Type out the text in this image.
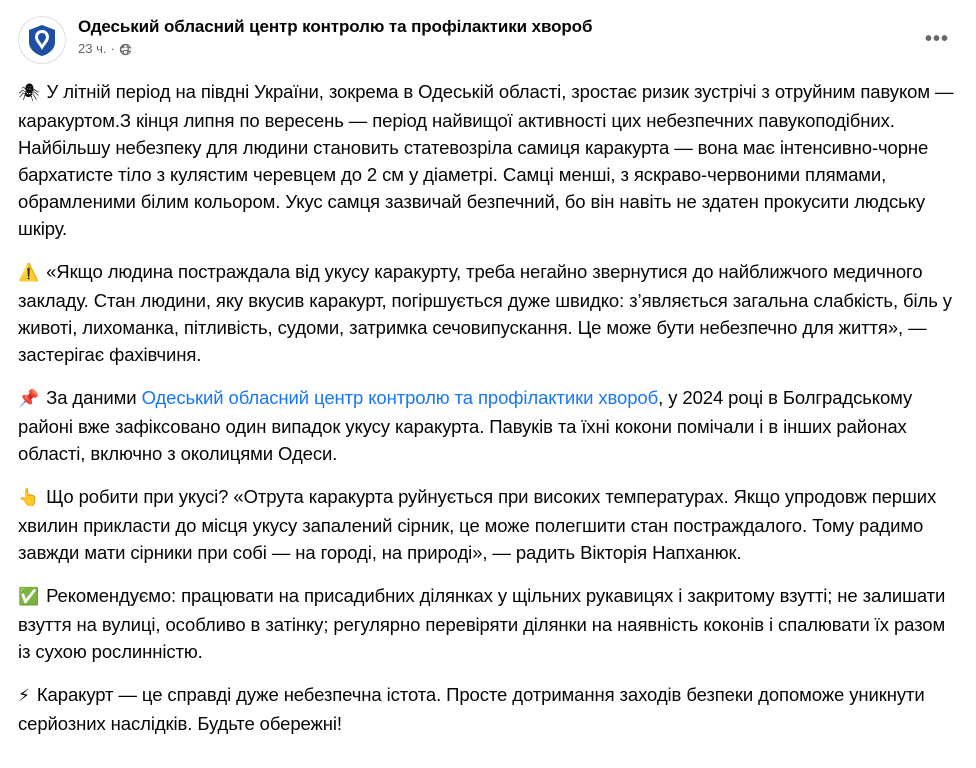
Одеський обласний центр контролю та профілактики хвороб
23 ч. ·	•••

🕷 У літній період на півдні України, зокрема в Одеській області, зростає ризик зустрічі з отруйним павуком — каракуртом.З кінця липня по вересень — період найвищої активності цих небезпечних павукоподібних. Найбільшу небезпеку для людини становить статевозріла самиця каракурта — вона має інтенсивно-чорне бархатисте тіло з кулястим черевцем до 2 см у діаметрі. Самці менші, з яскраво-червоними плямами, обрамленими білим кольором. Укус самця зазвичай безпечний, бо він навіть не здатен прокусити людську шкіру.

⚠️ «Якщо людина постраждала від укусу каракурту, треба негайно звернутися до найближчого медичного закладу. Стан людини, яку вкусив каракурт, погіршується дуже швидко: з’являється загальна слабкість, біль у животі, лихоманка, пітливість, судоми, затримка сечовипускання. Це може бути небезпечно для життя», — застерігає фахівчиня.

📌 За даними Одеський обласний центр контролю та профілактики хвороб, у 2024 році в Болградському районі вже зафіксовано один випадок укусу каракурта. Павуків та їхні кокони помічали і в інших районах області, включно з околицями Одеси.

👆 Що робити при укусі? «Отрута каракурта руйнується при високих температурах. Якщо упродовж перших хвилин прикласти до місця укусу запалений сірник, це може полегшити стан постраждалого. Тому радимо завжди мати сірники при собі — на городі, на природі», — радить Вікторія Напханюк.

✅ Рекомендуємо: працювати на присадибних ділянках у щільних рукавицях і закритому взутті; не залишати взуття на вулиці, особливо в затінку; регулярно перевіряти ділянки на наявність коконів і спалювати їх разом із сухою рослинністю.

⚡ Каракурт — це справді дуже небезпечна істота. Просте дотримання заходів безпеки допоможе уникнути серйозних наслідків. Будьте обережні!
